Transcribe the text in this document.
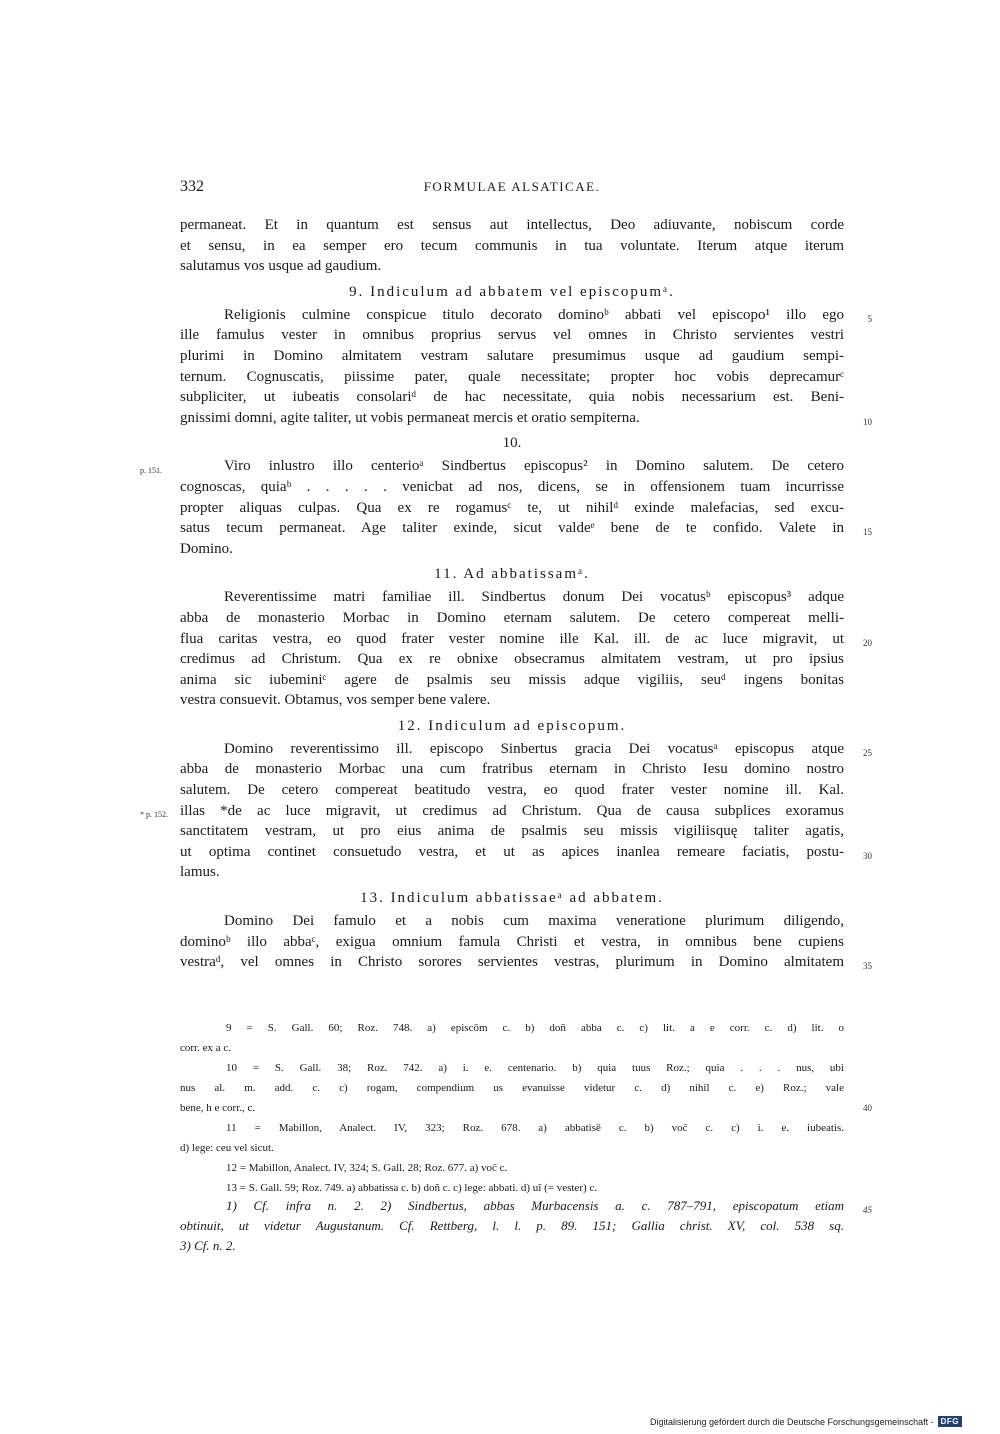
332	FORMULAE ALSATICAE.
permaneat. Et in quantum est sensus aut intellectus, Deo adiuvante, nobiscum corde
et sensu, in ea semper ero tecum communis in tua voluntate. Iterum atque iterum
salutamus vos usque ad gaudium.
9. Indiculum ad abbatem vel episcopumᵃ.
Religionis culmine conspicue titulo decorato dominoᵇ abbati vel episcopo¹ illo ego
ille famulus vester in omnibus proprius servus vel omnes in Christo servientes vestri
plurimi in Domino almitatem vestram salutare presumimus usque ad gaudium sempi-
ternum. Cognuscatis, piissime pater, quale necessitate; propter hoc vobis deprecamurᶜ
subpliciter, ut iubeatis consolariᵈ de hac necessitate, quia nobis necessarium est. Beni-
gnissimi domni, agite taliter, ut vobis permaneat mercis et oratio sempiterna.
5
10
10.
p. 151.	Viro inlustro illo centerioᵃ Sindbertus episcopus² in Domino salutem. De cetero
cognoscas, quiaᵇ . . . . . venicbat ad nos, dicens, se in offensionem tuam incurrisse
propter aliquas culpas. Qua ex re rogamusᶜ te, ut nihilᵈ exinde malefacias, sed excu-
satus tecum permaneat. Age taliter exinde, sicut valdeᵉ bene de te confido. Valete in
Domino.
15
11. Ad abbatissamᵃ.
Reverentissime matri familiae ill. Sindbertus donum Dei vocatusᵇ episcopus³ adque
abba de monasterio Morbac in Domino eternam salutem. De cetero compereat melli-
flua caritas vestra, eo quod frater vester nomine ille Kal. ill. de ac luce migravit, ut
credimus ad Christum. Qua ex re obnixe obsecramus almitatem vestram, ut pro ipsius
anima sic iubeminiᶜ agere de psalmis seu missis adque vigiliis, seuᵈ ingens bonitas
vestra consuevit. Obtamus, vos semper bene valere.
20
12. Indiculum ad episcopum.
* p. 152.
Domino reverentissimo ill. episcopo Sinbertus gracia Dei vocatusᵃ episcopus atque
abba de monasterio Morbac una cum fratribus eternam in Christo Iesu domino nostro
salutem. De cetero compereat beatitudo vestra, eo quod frater vester nomine ill. Kal.
illas *de ac luce migravit, ut credimus ad Christum. Qua de causa subplices exoramus
sanctitatem vestram, ut pro eius anima de psalmis seu missis vigiliisquę taliter agatis,
ut optima continet consuetudo vestra, et ut as apices inanlea remeare faciatis, postu-
lamus.
25
30
13. Indiculum abbatissaeᵃ ad abbatem.
Domino Dei famulo et a nobis cum maxima veneratione plurimum diligendo,
dominoᵇ illo abbaᶜ, exigua omnium famula Christi et vestra, in omnibus bene cupiens
vestraᵈ, vel omnes in Christo sorores servientes vestras, plurimum in Domino almitatem 35
9 = S. Gall. 60; Roz. 748. a) episcōm c. b) doñ abba c. c) lit. a e corr. c. d) lit. o
corr. ex a c.
10 = S. Gall. 38; Roz. 742. a) i. e. centenario. b) quia tuus Roz.; quia . . . nus, ubi
nus al. m. add. c. c) rogam, compendium us evanuisse videtur c. d) nihil c. e) Roz.; vale
bene, h e corr., c.
11 = Mabillon, Analect. IV, 323; Roz. 678. a) abbatisē c. b) voc̄ c. c) i. e. iubeatis.
d) lege: ceu vel sicut.
12 = Mabillon, Analect. IV, 324; S. Gall. 28; Roz. 677. a) voc̄ c.
13 = S. Gall. 59; Roz. 749. a) abbatissa c. b) doñ c. c) lege: abbati. d) uī (= vester) c.
40
1) Cf. infra n. 2. 2) Sindbertus, abbas Murbacensis a. c. 787–791, episcopatum etiam
obtinuit, ut videtur Augustanum. Cf. Rettberg, l. l. p. 89. 151; Gallia christ. XV, col. 538 sq.
3) Cf. n. 2.
45
Digitalisierung gefördert durch die Deutsche Forschungsgemeinschaft - DFG
